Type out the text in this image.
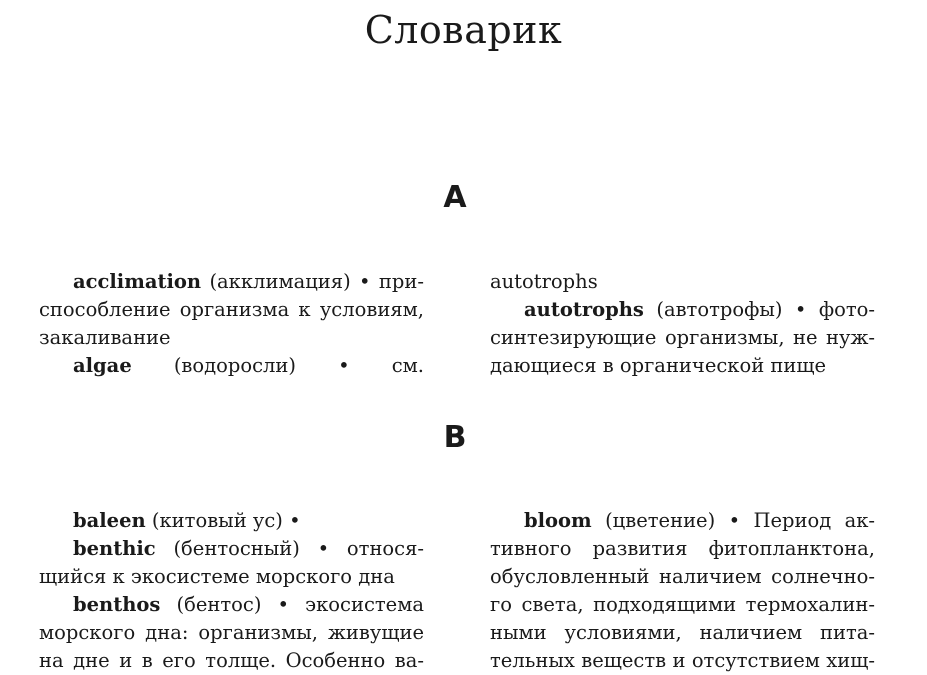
Словарик
A
acclimation (акклимация) • при-
способление организма к условиям,
закаливание
algae (водоросли) • см.
autotrophs
autotrophs (автотрофы) • фото-
синтезирующие организмы, не нуж-
дающиеся в органической пище
B
baleen (китовый ус) •
benthic (бентосный) • относя-
щийся к экосистеме морского дна
benthos (бентос) • экосистема
морского дна: организмы, живущие
на дне и в его толще. Особенно ва-
bloom (цветение) • Период ак-
тивного развития фитопланктона,
обусловленный наличием солнечно-
го света, подходящими термохалин-
ными условиями, наличием пита-
тельных веществ и отсутствием хищ-
